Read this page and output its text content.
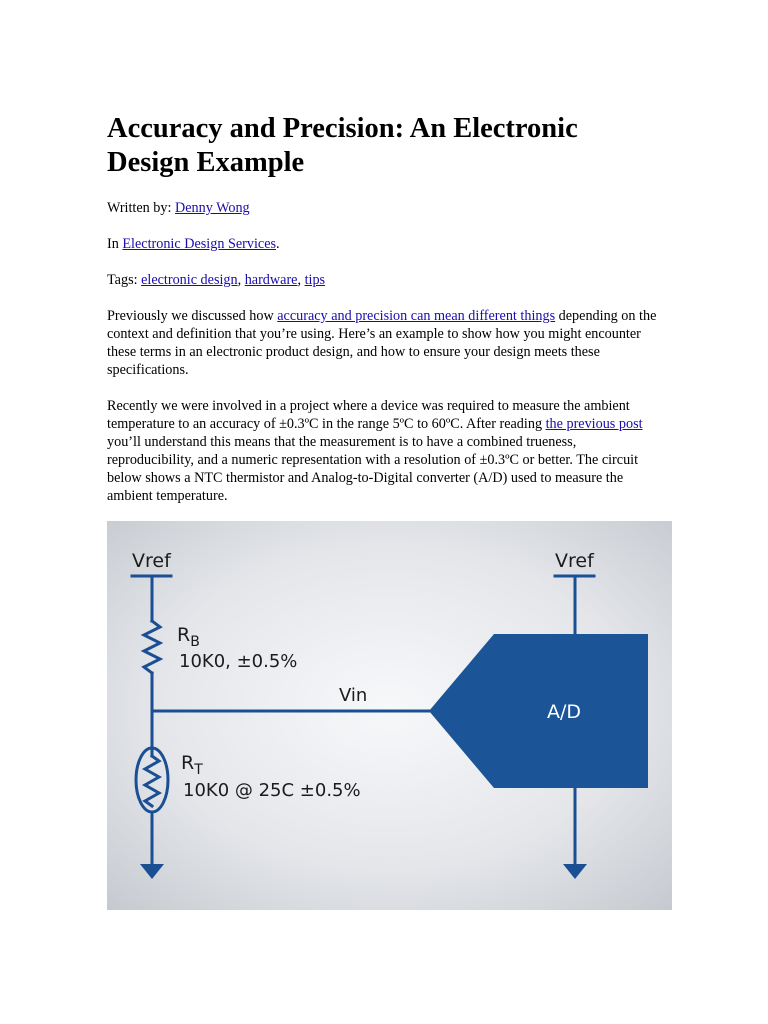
Accuracy and Precision: An Electronic Design Example

Written by: Denny Wong

In Electronic Design Services.

Tags: electronic design, hardware, tips

Previously we discussed how accuracy and precision can mean different things depending on the context and definition that you’re using. Here’s an example to show how you might encounter these terms in an electronic product design, and how to ensure your design meets these specifications.

Recently we were involved in a project where a device was required to measure the ambient temperature to an accuracy of ±0.3ºC in the range 5ºC to 60ºC. After reading the previous post you’ll understand this means that the measurement is to have a combined trueness, reproducibility, and a numeric representation with a resolution of ±0.3ºC or better. The circuit below shows a NTC thermistor and Analog-to-Digital converter (A/D) used to measure the ambient temperature.

Vref	Vref
$R_B$
10K0, ±0.5%
$R_T$
10K0 @ 25C ±0.5%
Vin
A/D
